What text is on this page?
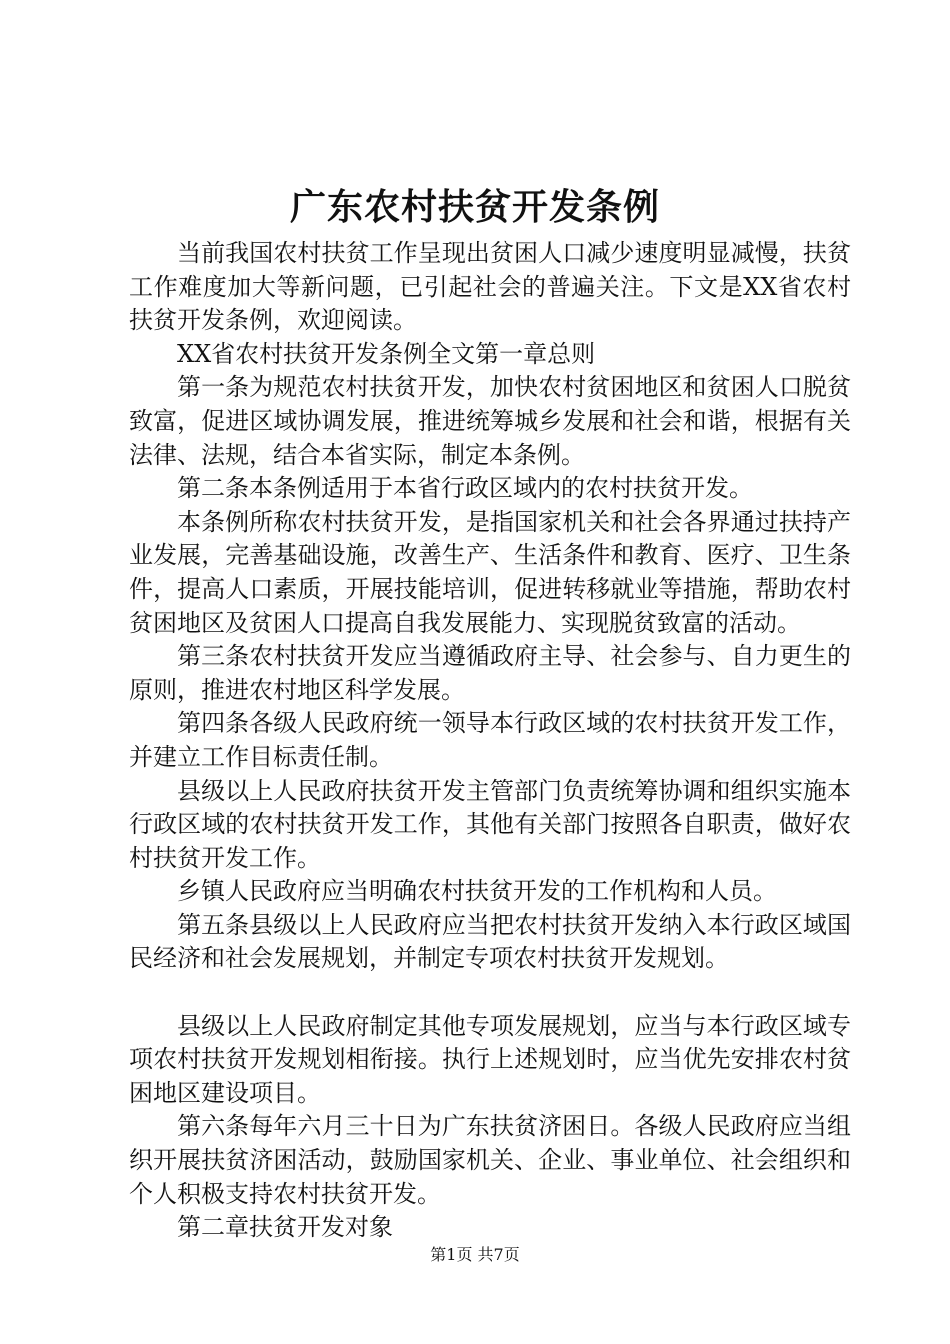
广东农村扶贫开发条例

当前我国农村扶贫工作呈现出贫困人口减少速度明显减慢，扶贫工作难度加大等新问题，已引起社会的普遍关注。下文是XX省农村扶贫开发条例，欢迎阅读。

XX省农村扶贫开发条例全文第一章总则

第一条为规范农村扶贫开发，加快农村贫困地区和贫困人口脱贫致富，促进区域协调发展，推进统筹城乡发展和社会和谐，根据有关法律、法规，结合本省实际，制定本条例。

第二条本条例适用于本省行政区域内的农村扶贫开发。

本条例所称农村扶贫开发，是指国家机关和社会各界通过扶持产业发展，完善基础设施，改善生产、生活条件和教育、医疗、卫生条件，提高人口素质，开展技能培训，促进转移就业等措施，帮助农村贫困地区及贫困人口提高自我发展能力、实现脱贫致富的活动。

第三条农村扶贫开发应当遵循政府主导、社会参与、自力更生的原则，推进农村地区科学发展。

第四条各级人民政府统一领导本行政区域的农村扶贫开发工作，并建立工作目标责任制。

县级以上人民政府扶贫开发主管部门负责统筹协调和组织实施本行政区域的农村扶贫开发工作，其他有关部门按照各自职责，做好农村扶贫开发工作。

乡镇人民政府应当明确农村扶贫开发的工作机构和人员。

第五条县级以上人民政府应当把农村扶贫开发纳入本行政区域国民经济和社会发展规划，并制定专项农村扶贫开发规划。

县级以上人民政府制定其他专项发展规划，应当与本行政区域专项农村扶贫开发规划相衔接。执行上述规划时，应当优先安排农村贫困地区建设项目。

第六条每年六月三十日为广东扶贫济困日。各级人民政府应当组织开展扶贫济困活动，鼓励国家机关、企业、事业单位、社会组织和个人积极支持农村扶贫开发。

第二章扶贫开发对象

第1页 共7页
